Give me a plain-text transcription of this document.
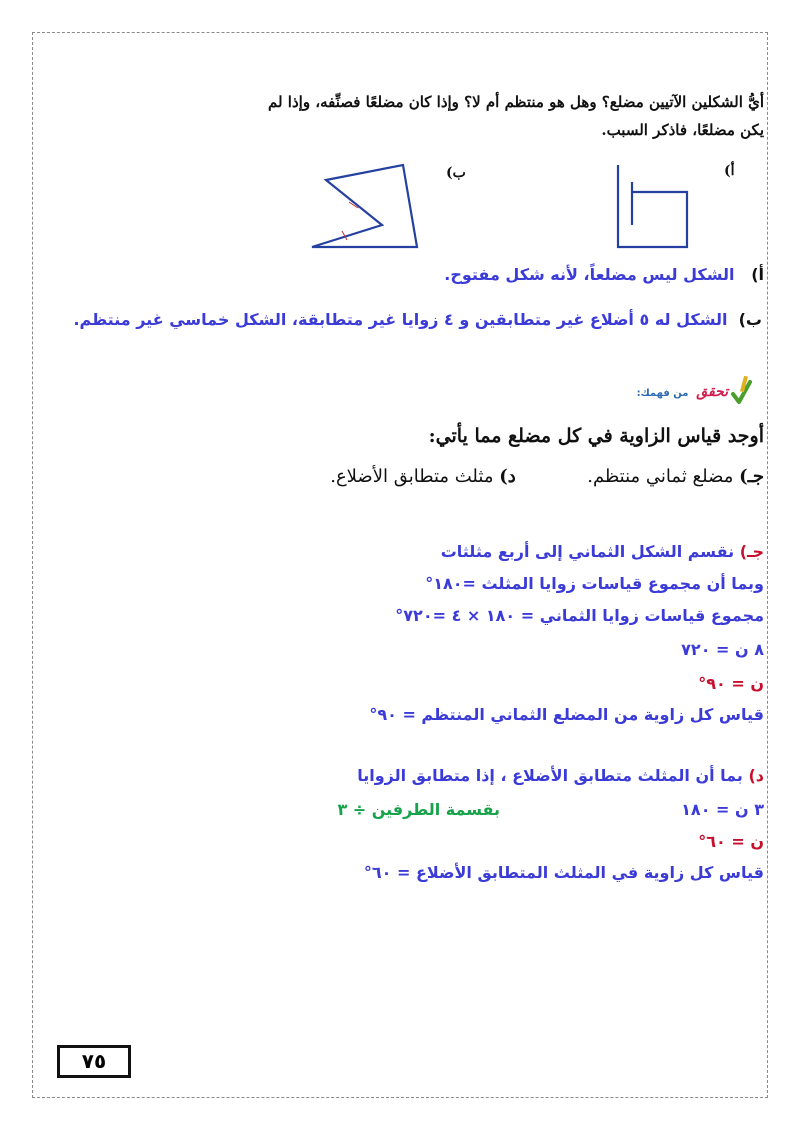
أيُّ الشكلين الآتيين مضلع؟ وهل هو منتظم أم لا؟ وإذا كان مضلعًا فصنِّفه، وإذا لم
يكن مضلعًا، فاذكر السبب.
أ)
ب)
أ)   الشكل ليس مضلعاً، لأنه شكل مفتوح.
ب)  الشكل له ٥ أضلاع غير متطابقين و ٤ زوايا غير متطابقة، الشكل خماسي غير منتظم.
تحقق من فهمك:
أوجد قياس الزاوية في كل مضلع مما يأتي:
جـ) مضلع ثماني منتظم.  د) مثلث متطابق الأضلاع.
جـ) نقسم الشكل الثماني إلى أربع مثلثات
وبما أن مجموع قياسات زوايا المثلث =١٨٠°
مجموع قياسات زوايا الثماني = ١٨٠ × ٤ =٧٢٠°
٨ ن = ٧٢٠
ن = ٩٠°
قياس كل زاوية من المضلع الثماني المنتظم = ٩٠°
د) بما أن المثلث متطابق الأضلاع ، إذا متطابق الزوايا
٣ ن = ١٨٠
بقسمة الطرفين ÷ ٣
ن = ٦٠°
قياس كل زاوية في المثلث المتطابق الأضلاع = ٦٠°
٧٥
